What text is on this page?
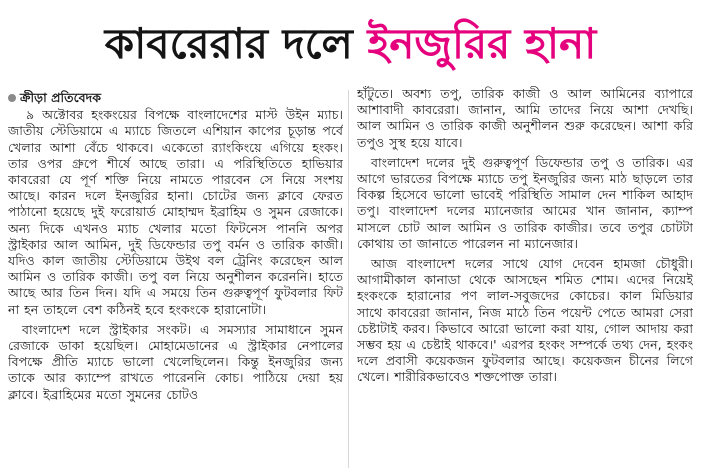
কাবরেরার দলে ইনজুরির হানা
ক্রীড়া প্রতিবেদক

৯ অক্টোবর হংকংয়ের বিপক্ষে বাংলাদেশের মাস্ট উইন ম্যাচ। জাতীয় স্টেডিয়ামে এ ম্যাচে জিতলে এশিয়ান কাপের চূড়ান্ত পর্বে খেলার আশা বেঁচে থাকবে। একেতো র‍্যাংকিংয়ে এগিয়ে হংকং। তার ওপর গ্রুপে শীর্ষে আছে তারা। এ পরিস্থিতিতে হাভিয়ার কাবরেরা যে পূর্ণ শক্তি নিয়ে নামতে পারবেন সে নিয়ে সংশয় আছে। কারন দলে ইনজুরির হানা। চোটের জন্য ক্লাবে ফেরত পাঠানো হয়েছে দুই ফরোয়ার্ড মোহাম্মদ ইব্রাহিম ও সুমন রেজাকে। অন্য দিকে এখনও ম্যাচ খেলার মতো ফিটনেস পাননি অপর স্ট্রাইকার আল আমিন, দুই ডিফেন্ডার তপু বর্মন ও তারিক কাজী। যদিও কাল জাতীয় স্টেডিয়ামে উইথ বল ট্রেনিং করেছেন আল আমিন ও তারিক কাজী। তপু বল নিয়ে অনুশীলন করেননি। হাতে আছে আর তিন দিন। যদি এ সময়ে তিন গুরুত্বপূর্ণ ফুটবলার ফিট না হন তাহলে বেশ কঠিনই হবে হংকংকে হারানোটা।

বাংলাদেশ দলে স্ট্রাইকার সংকট। এ সমস্যার সামাধানে সুমন রেজাকে ডাকা হয়েছিল। মোহামেডানের এ স্ট্রাইকার নেপালের বিপক্ষে প্রীতি ম্যাচে ভালো খেলেছিলেন। কিন্তু ইনজুরির জন্য তাকে আর ক্যাম্পে রাখতে পারেননি কোচ। পাঠিয়ে দেয়া হয় ক্লাবে। ইব্রাহিমের মতো সুমনের চোটও

হাঁটুতে। অবশ্য তপু, তারিক কাজী ও আল আমিনের ব্যাপারে আশাবাদী কাবরেরা। জানান, আমি তাদের নিয়ে আশা দেখছি। আল আমিন ও তারিক কাজী অনুশীলন শুরু করেছেন। আশা করি তপুও সুস্থ হয়ে যাবে।

বাংলাদেশ দলের দুই গুরুত্বপূর্ণ ডিফেন্ডার তপু ও তারিক। এর আগে ভারতের বিপক্ষে ম্যাচে তপু ইনজুরির জন্য মাঠ ছাড়লে তার বিকল্প হিসেবে ভালো ভাবেই পরিস্থিতি সামাল দেন শাকিল আহাদ তপু। বাংলাদেশ দলের ম্যানেজার আমের খান জানান, ক্যাম্প মাসলে চোট আল আমিন ও তারিক কাজীর। তবে তপুর চোটটা কোথায় তা জানাতে পারেলন না ম্যানেজার।

আজ বাংলাদেশ দলের সাথে যোগ দেবেন হামজা চৌধুরী। আগামীকাল কানাডা থেকে আসছেন শমিত শোম। এদের নিয়েই হংকংকে হারানোর পণ লাল-সবুজদের কোচের। কাল মিডিয়ার সাথে কাবরেরা জানান, নিজ মাঠে তিন পয়েন্ট পেতে আমরা সেরা চেষ্টাটাই করব। কিভাবে আরো ভালো করা যায়, গোল আদায় করা সম্ভব হয় এ চেষ্টাই থাকবে।' এরপর হংকং সম্পর্কে তথ্য দেন, হংকং দলে প্রবাসী কয়েকজন ফুটবলার আছে। কয়েকজন চীনের লিগে খেলে। শারীরিকভাবেও শক্তপোক্ত তারা।
